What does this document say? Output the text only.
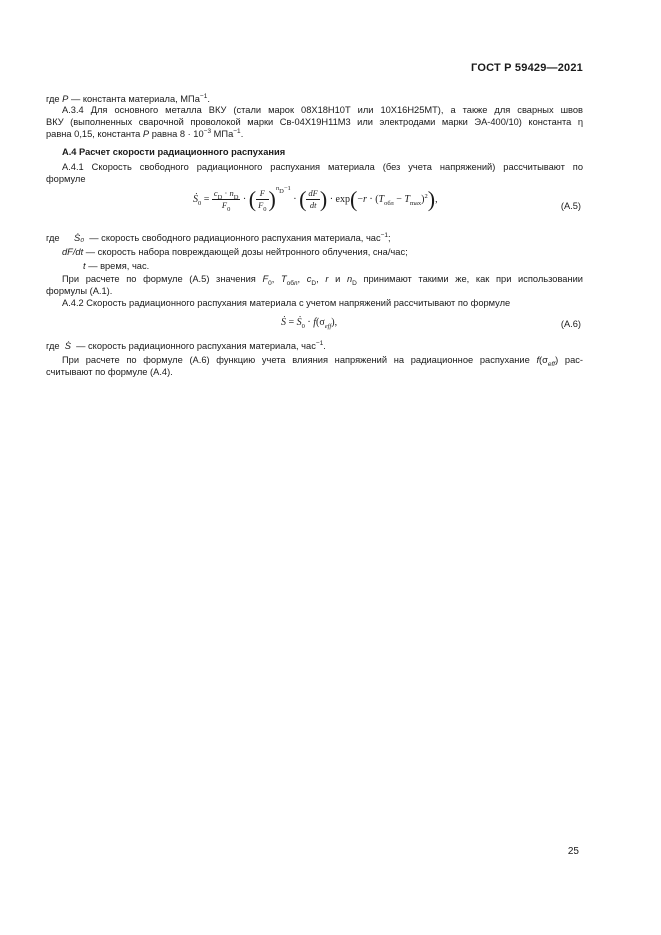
ГОСТ Р 59429—2021
где P — константа материала, МПа$^{-1}$.
A.3.4 Для основного металла ВКУ (стали марок 08Х18Н10Т или 10Х16Н25МТ), а также для сварных швов
ВКУ (выполненных сварочной проволокой марки Св-04Х19Н11М3 или электродами марки ЭА-400/10) константа η
равна 0,15, константа P равна $8 \cdot 10^{-3}$ МПа$^{-1}$.
А.4 Расчет скорости радиационного распухания
А.4.1 Скорость свободного радиационного распухания материала (без учета напряжений) рассчитывают по
формуле
Ṡ$_0$ = $\frac{c_D \cdot n_D}{F_0}$ · ( $\frac{F}{F_0} )^{n_D-1}$ · ( $\frac{dF}{dt}$ ) · $\exp(-r \cdot (T_{обл} - T_{max})^2)$,
(А.5)
где Ṡ₀ — скорость свободного радиационного распухания материала, час$^{-1}$;
dF/dt — скорость набора повреждающей дозы нейтронного облучения, сна/час;
t — время, час.
При расчете по формуле (А.5) значения $F_0$, $T_{обл}$, $c_D$, r и $n_D$ принимают такими же, как при использовании
формулы (А.1).
А.4.2 Скорость радиационного распухания материала с учетом напряжений рассчитывают по формуле
Ṡ = Ṡ$_0$ · $f(\sigma_{eff})$,	(А.6)
где Ṡ — скорость радиационного распухания материала, час$^{-1}$.
При расчете по формуле (А.6) функцию учета влияния напряжений на радиационное распухание $f(\sigma_{eff})$ рас-
считывают по формуле (А.4).
25
